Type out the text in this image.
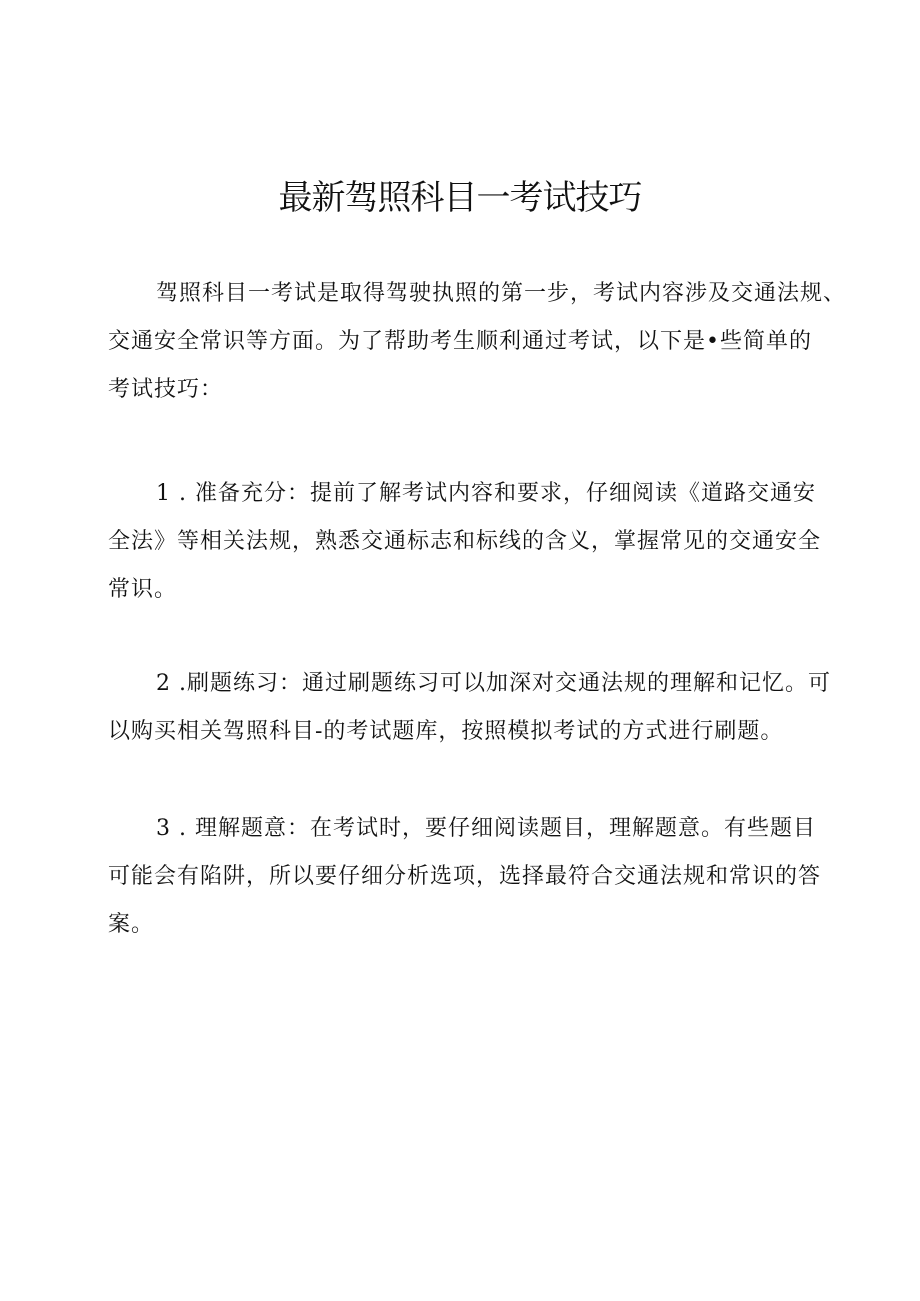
最新驾照科目一考试技巧

驾照科目一考试是取得驾驶执照的第一步，考试内容涉及交通法规、
交通安全常识等方面。为了帮助考生顺利通过考试，以下是•些简单的
考试技巧：

1 . 准备充分：提前了解考试内容和要求，仔细阅读《道路交通安
全法》等相关法规，熟悉交通标志和标线的含义，掌握常见的交通安全
常识。

2 .刷题练习：通过刷题练习可以加深对交通法规的理解和记忆。可
以购买相关驾照科目-的考试题库，按照模拟考试的方式进行刷题。

3 . 理解题意：在考试时，要仔细阅读题目，理解题意。有些题目
可能会有陷阱，所以要仔细分析选项，选择最符合交通法规和常识的答
案。
